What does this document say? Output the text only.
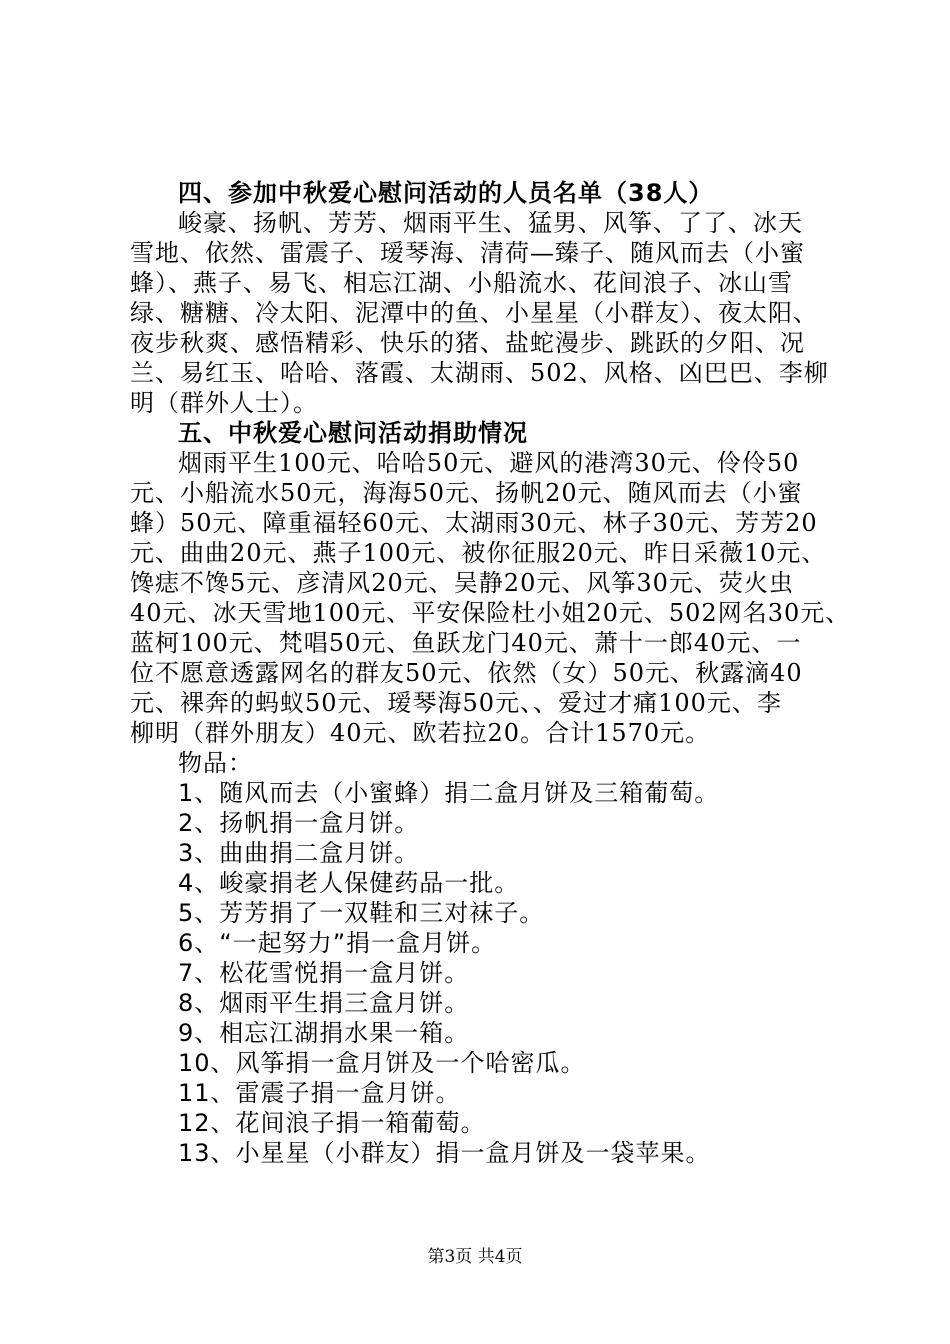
四、参加中秋爱心慰问活动的人员名单（38人）
峻豪、扬帆、芳芳、烟雨平生、猛男、风筝、了了、冰天
雪地、依然、雷震子、瑷琴海、清荷—臻子、随风而去（小蜜
蜂）、燕子、易飞、相忘江湖、小船流水、花间浪子、冰山雪
绿、糖糖、冷太阳、泥潭中的鱼、小星星（小群友）、夜太阳、
夜步秋爽、感悟精彩、快乐的猪、盐蛇漫步、跳跃的夕阳、况
兰、易红玉、哈哈、落霞、太湖雨、502、风格、凶巴巴、李柳
明（群外人士）。
五、中秋爱心慰问活动捐助情况
烟雨平生100元、哈哈50元、避风的港湾30元、伶伶50
元、小船流水50元，海海50元、扬帆20元、随风而去（小蜜
蜂）50元、障重福轻60元、太湖雨30元、林子30元、芳芳20
元、曲曲20元、燕子100元、被你征服20元、昨日采薇10元、
馋痣不馋5元、彦清风20元、吴静20元、风筝30元、荧火虫
40元、冰天雪地100元、平安保险杜小姐20元、502网名30元、
蓝柯100元、梵唱50元、鱼跃龙门40元、萧十一郎40元、一
位不愿意透露网名的群友50元、依然（女）50元、秋露滴40
元、裸奔的蚂蚁50元、瑷琴海50元、、爱过才痛100元、李
柳明（群外朋友）40元、欧若拉20。合计1570元。
物品：
1、随风而去（小蜜蜂）捐二盒月饼及三箱葡萄。
2、扬帆捐一盒月饼。
3、曲曲捐二盒月饼。
4、峻豪捐老人保健药品一批。
5、芳芳捐了一双鞋和三对袜子。
6、“一起努力”捐一盒月饼。
7、松花雪悦捐一盒月饼。
8、烟雨平生捐三盒月饼。
9、相忘江湖捐水果一箱。
10、风筝捐一盒月饼及一个哈密瓜。
11、雷震子捐一盒月饼。
12、花间浪子捐一箱葡萄。
13、小星星（小群友）捐一盒月饼及一袋苹果。
第3页 共4页
